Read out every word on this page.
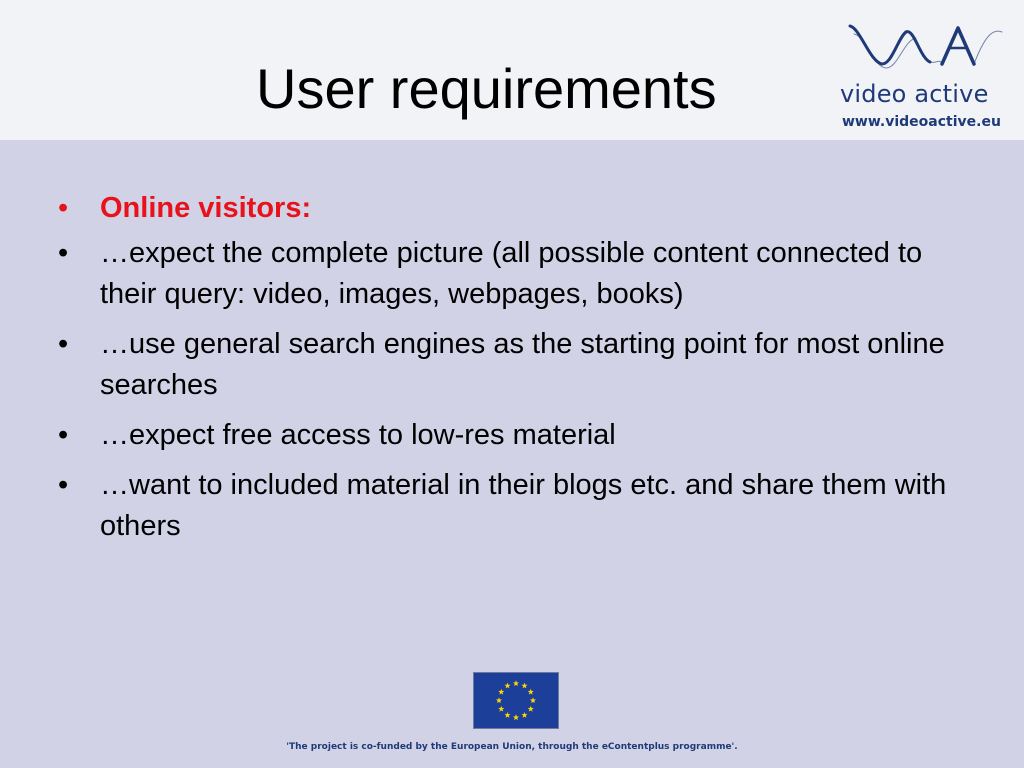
User requirements	video active
www.videoactive.eu
•	Online visitors:
•	…expect the complete picture (all possible content connected to their query: video, images, webpages, books)
•	…use general search engines as the starting point for most online searches
•	…expect free access to low-res material
•	…want to included material in their blogs etc. and share them with others
'The project is co-funded by the European Union, through the eContentplus programme'.
